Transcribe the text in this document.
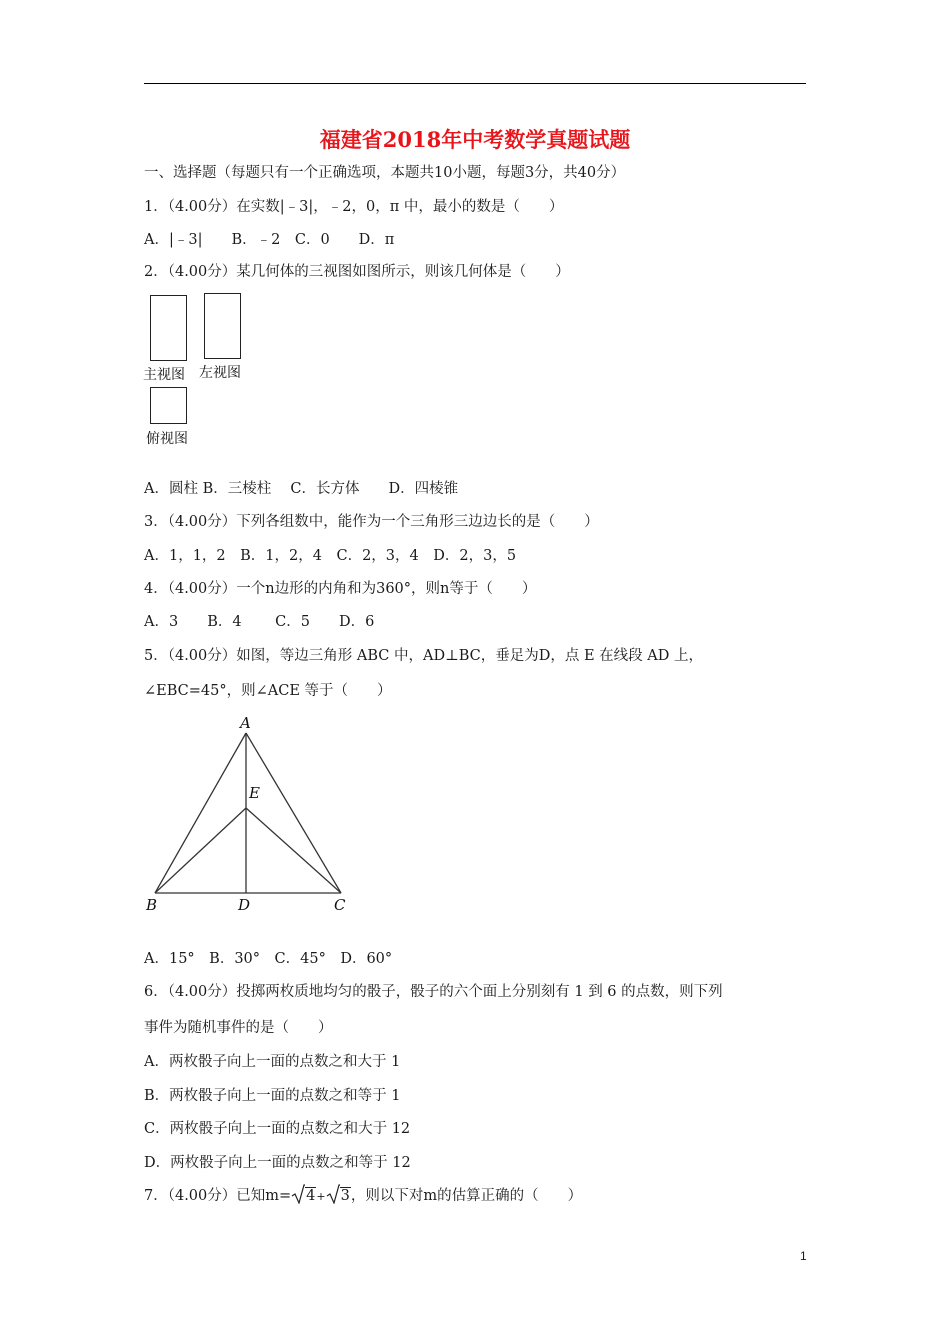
福建省2018年中考数学真题试题
一、选择题（每题只有一个正确选项，本题共10小题，每题3分，共40分）
1．（4.00分）在实数|﹣3|，﹣2，0，π 中，最小的数是（　　）
A．|﹣3|　　B．﹣2　C．0　　D．π
2．（4.00分）某几何体的三视图如图所示，则该几何体是（　　）
主视图 左视图
俯视图
A．圆柱 B．三棱柱　 C．长方体　　D．四棱锥
3．（4.00分）下列各组数中，能作为一个三角形三边边长的是（　　）
A．1，1，2　B．1，2，4　C．2，3，4　D．2，3，5
4．（4.00分）一个n边形的内角和为360°，则n等于（　　）
A．3　　B．4　　 C．5　　D．6
5．（4.00分）如图，等边三角形 ABC 中，AD⊥BC，垂足为D，点 E 在线段 AD 上，
∠EBC=45°，则∠ACE 等于（　　）
A
E
B	D	C
A．15°　B．30°　C．45°　D．60°
6．（4.00分）投掷两枚质地均匀的骰子，骰子的六个面上分别刻有 1 到 6 的点数，则下列
事件为随机事件的是（　　）
A．两枚骰子向上一面的点数之和大于 1
B．两枚骰子向上一面的点数之和等于 1
C．两枚骰子向上一面的点数之和大于 12
D．两枚骰子向上一面的点数之和等于 12
7．（4.00分）已知m= 4+ 3，则以下对m的估算正确的（　　）
1
